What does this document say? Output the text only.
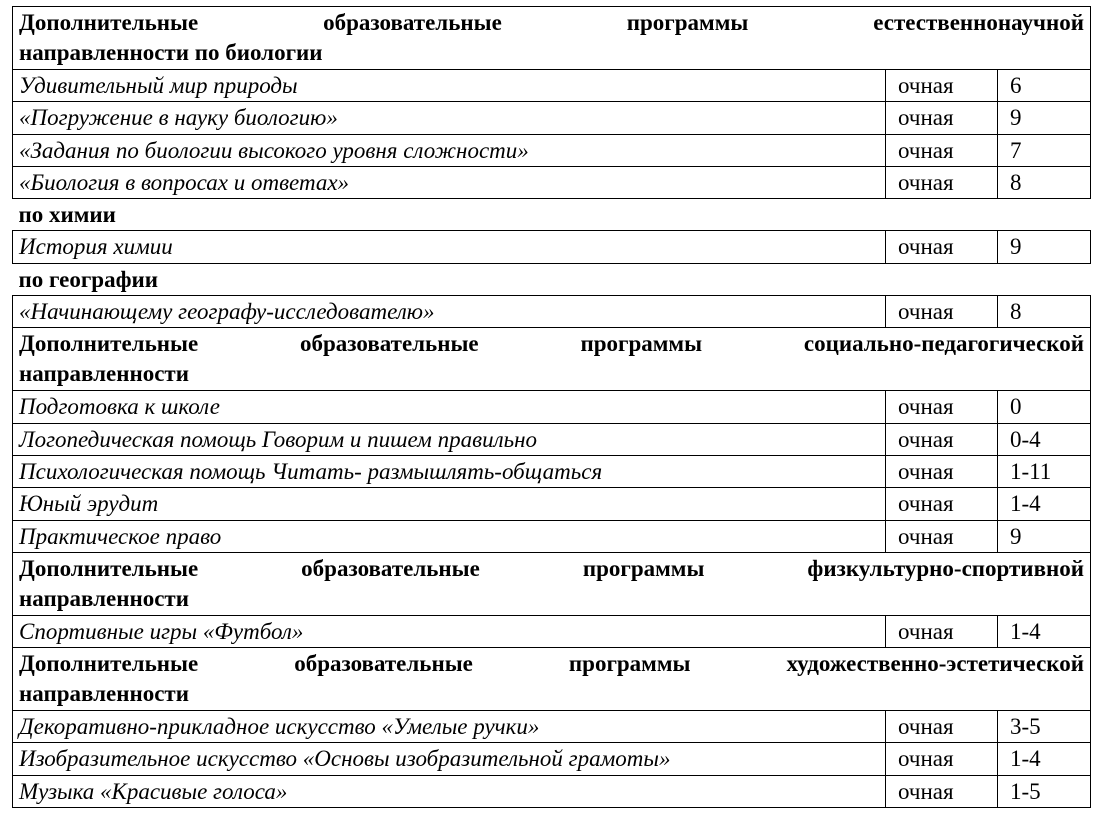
Дополнительные образовательные программы естественнонаучной
направленности по биологии		

Удивительный мир природы	очная	6
«Погружение в науку биологию»	очная	9
«Задания по биологии высокого уровня сложности»	очная	7
«Биология в вопросах и ответах»	очная	8
по химии		
История химии	очная	9
по географии		
«Начинающему географу-исследователю»	очная	8

Дополнительные образовательные программы социально-педагогической
направленности		

Подготовка к школе	очная	0
Логопедическая помощь Говорим и пишем правильно	очная	0-4
Психологическая помощь Читать- размышлять-общаться	очная	1-11
Юный эрудит	очная	1-4
Практическое право	очная	9

Дополнительные образовательные программы физкультурно-спортивной
направленности		

Спортивные игры «Футбол»	очная	1-4

Дополнительные образовательные программы художественно-эстетической
направленности		

Декоративно-прикладное искусство «Умелые ручки»	очная	3-5
Изобразительное искусство «Основы изобразительной грамоты»	очная	1-4
Музыка «Красивые голоса»	очная	1-5
